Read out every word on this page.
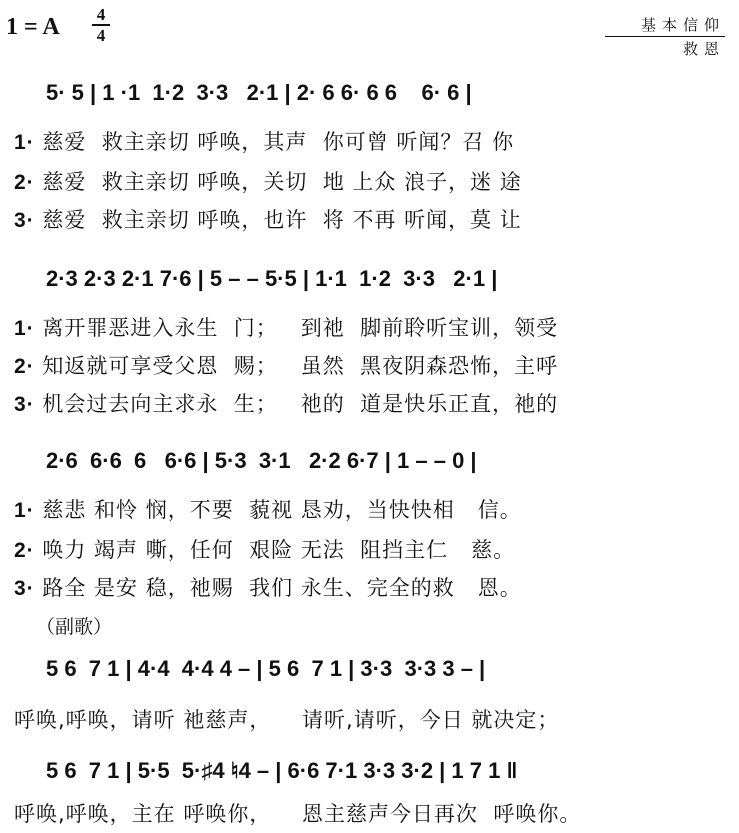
1 = A 4
4
基本信仰
救恩
5· 5 | 1 ·1  1·2  3·3   2·1 | 2· 6 6· 6 6    6· 6 |
1· 慈爱  救主亲切 呼唤，其声  你可曾 听闻？召 你
2· 慈爱  救主亲切 呼唤，关切  地 上众 浪子，迷 途
3· 慈爱  救主亲切 呼唤，也许  将 不再 听闻，莫 让
2·3 2·3 2·1 7·6 | 5 – – 5·5 | 1·1  1·2  3·3   2·1 |
1· 离开罪恶进入永生  门；   到祂  脚前聆听宝训，领受
2· 知返就可享受父恩  赐；   虽然  黑夜阴森恐怖，主呼
3· 机会过去向主求永  生；   祂的  道是快乐正直，祂的
2·6  6·6  6   6·6 | 5·3  3·1   2·2 6·7 | 1 – – 0 |
1· 慈悲 和怜 悯，不要  藐视 恳劝，当快快相   信。
2· 唤力 竭声 嘶，任何  艰险 无法  阻挡主仁   慈。
3· 路全 是安 稳，祂赐  我们 永生、完全的救   恩。
（副歌）
5 6  7 1 | 4·4  4·4 4 – | 5 6  7 1 | 3·3  3·3 3 – |
呼唤,呼唤，请听 祂慈声，    请听,请听，今日 就决定；
5 6  7 1 | 5·5  5·♯4 ♮4 – | 6·6 7·1 3·3 3·2 | 1 7 1 ‖
呼唤,呼唤，主在 呼唤你，    恩主慈声今日再次  呼唤你。
